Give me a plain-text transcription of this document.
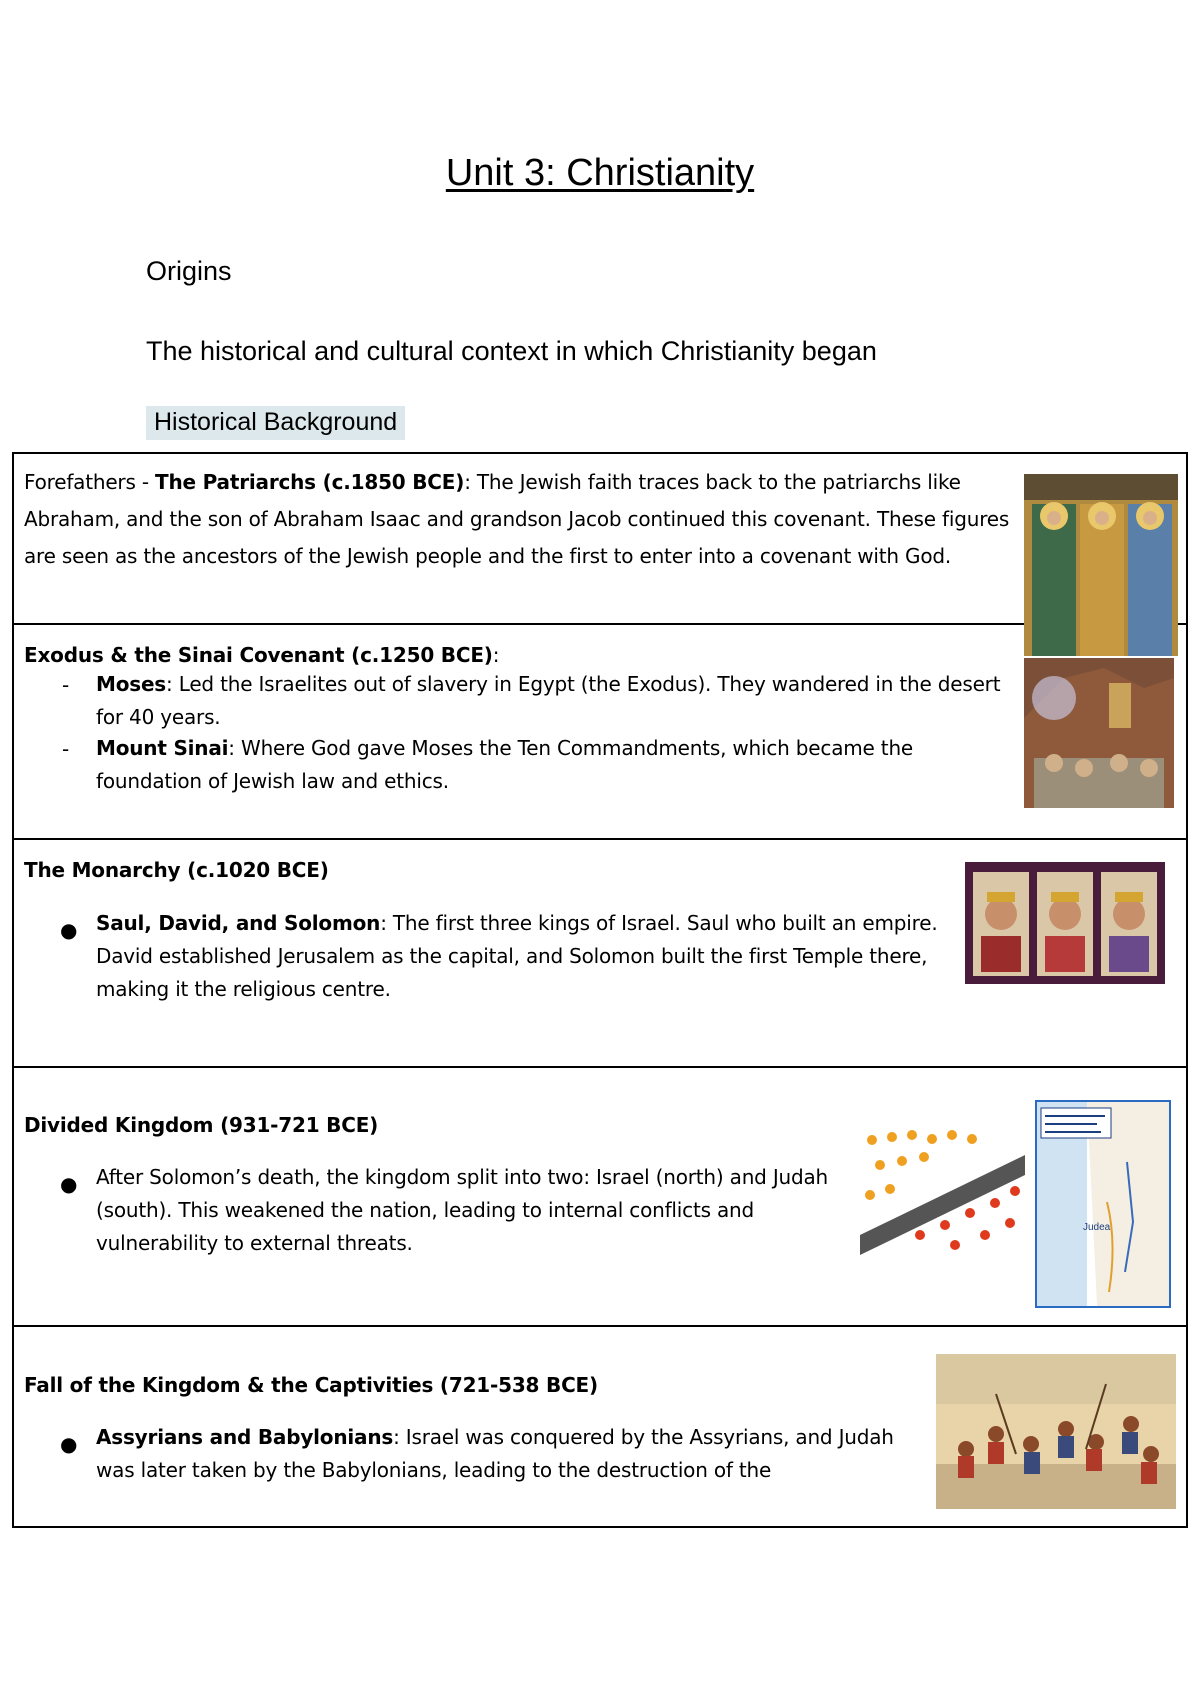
Unit 3: Christianity
Origins
The historical and cultural context in which Christianity began
Historical Background
Forefathers - The Patriarchs (c.1850 BCE): The Jewish faith traces back to the patriarchs like Abraham, and the son of Abraham Isaac and grandson Jacob continued this covenant. These figures are seen as the ancestors of the Jewish people and the first to enter into a covenant with God.
Exodus & the Sinai Covenant (c.1250 BCE):
- Moses: Led the Israelites out of slavery in Egypt (the Exodus). They wandered in the desert for 40 years.
- Mount Sinai: Where God gave Moses the Ten Commandments, which became the foundation of Jewish law and ethics.
The Monarchy (c.1020 BCE)
● Saul, David, and Solomon: The first three kings of Israel. Saul who built an empire. David established Jerusalem as the capital, and Solomon built the first Temple there, making it the religious centre.
Divided Kingdom (931-721 BCE)
● After Solomon’s death, the kingdom split into two: Israel (north) and Judah (south). This weakened the nation, leading to internal conflicts and vulnerability to external threats.
Judea
Fall of the Kingdom & the Captivities (721-538 BCE)
● Assyrians and Babylonians: Israel was conquered by the Assyrians, and Judah was later taken by the Babylonians, leading to the destruction of the
